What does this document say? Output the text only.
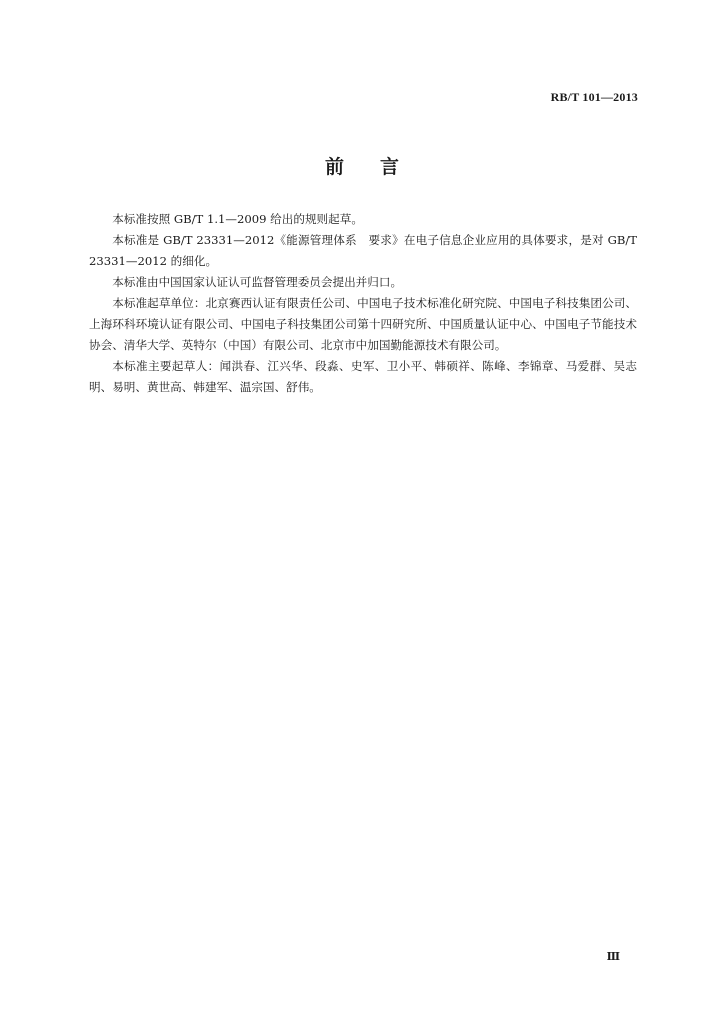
RB/T 101—2013
前言

本标准按照 GB/T 1.1—2009 给出的规则起草。

本标准是 GB/T 23331—2012《能源管理体系　要求》在电子信息企业应用的具体要求，是对 GB/T 23331—2012 的细化。

本标准由中国国家认证认可监督管理委员会提出并归口。

本标准起草单位：北京赛西认证有限责任公司、中国电子技术标准化研究院、中国电子科技集团公司、上海环科环境认证有限公司、中国电子科技集团公司第十四研究所、中国质量认证中心、中国电子节能技术协会、清华大学、英特尔（中国）有限公司、北京市中加国勤能源技术有限公司。

本标准主要起草人：闻洪春、江兴华、段淼、史军、卫小平、韩硕祥、陈峰、李锦章、马爱群、吴志明、易明、黄世高、韩建军、温宗国、舒伟。

Ⅲ
